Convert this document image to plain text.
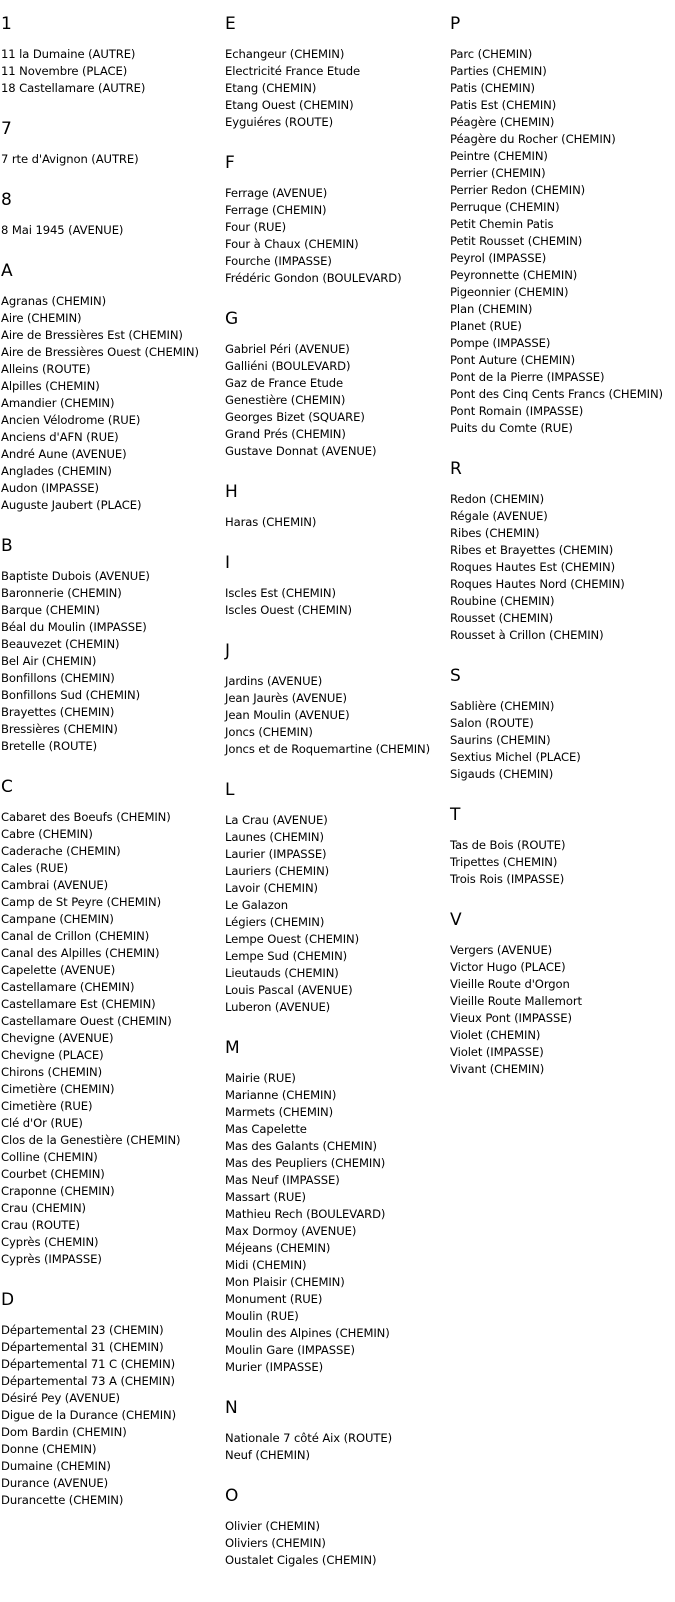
1
11 la Dumaine (AUTRE)
11 Novembre (PLACE)
18 Castellamare (AUTRE)
7
7 rte d'Avignon (AUTRE)
8
8 Mai 1945 (AVENUE)
A
Agranas (CHEMIN)
Aire (CHEMIN)
Aire de Bressières Est (CHEMIN)
Aire de Bressières Ouest (CHEMIN)
Alleins (ROUTE)
Alpilles (CHEMIN)
Amandier (CHEMIN)
Ancien Vélodrome (RUE)
Anciens d'AFN (RUE)
André Aune (AVENUE)
Anglades (CHEMIN)
Audon (IMPASSE)
Auguste Jaubert (PLACE)
B
Baptiste Dubois (AVENUE)
Baronnerie (CHEMIN)
Barque (CHEMIN)
Béal du Moulin (IMPASSE)
Beauvezet (CHEMIN)
Bel Air (CHEMIN)
Bonfillons (CHEMIN)
Bonfillons Sud (CHEMIN)
Brayettes (CHEMIN)
Bressières (CHEMIN)
Bretelle (ROUTE)
C
Cabaret des Boeufs (CHEMIN)
Cabre (CHEMIN)
Caderache (CHEMIN)
Cales (RUE)
Cambrai (AVENUE)
Camp de St Peyre (CHEMIN)
Campane (CHEMIN)
Canal de Crillon (CHEMIN)
Canal des Alpilles (CHEMIN)
Capelette (AVENUE)
Castellamare (CHEMIN)
Castellamare Est (CHEMIN)
Castellamare Ouest (CHEMIN)
Chevigne (AVENUE)
Chevigne (PLACE)
Chirons (CHEMIN)
Cimetière (CHEMIN)
Cimetière (RUE)
Clé d'Or (RUE)
Clos de la Genestière (CHEMIN)
Colline (CHEMIN)
Courbet (CHEMIN)
Craponne (CHEMIN)
Crau (CHEMIN)
Crau (ROUTE)
Cyprès (CHEMIN)
Cyprès (IMPASSE)
D
Départemental 23 (CHEMIN)
Départemental 31 (CHEMIN)
Départemental 71 C (CHEMIN)
Départemental 73 A (CHEMIN)
Désiré Pey (AVENUE)
Digue de la Durance (CHEMIN)
Dom Bardin (CHEMIN)
Donne (CHEMIN)
Dumaine (CHEMIN)
Durance (AVENUE)
Durancette (CHEMIN)
E
Echangeur (CHEMIN)
Electricité France Etude
Etang (CHEMIN)
Etang Ouest (CHEMIN)
Eyguiéres (ROUTE)
F
Ferrage (AVENUE)
Ferrage (CHEMIN)
Four (RUE)
Four à Chaux (CHEMIN)
Fourche (IMPASSE)
Frédéric Gondon (BOULEVARD)
G
Gabriel Péri (AVENUE)
Galliéni (BOULEVARD)
Gaz de France Etude
Genestière (CHEMIN)
Georges Bizet (SQUARE)
Grand Prés (CHEMIN)
Gustave Donnat (AVENUE)
H
Haras (CHEMIN)
I
Iscles Est (CHEMIN)
Iscles Ouest (CHEMIN)
J
Jardins (AVENUE)
Jean Jaurès (AVENUE)
Jean Moulin (AVENUE)
Joncs (CHEMIN)
Joncs et de Roquemartine (CHEMIN)
L
La Crau (AVENUE)
Launes (CHEMIN)
Laurier (IMPASSE)
Lauriers (CHEMIN)
Lavoir (CHEMIN)
Le Galazon
Légiers (CHEMIN)
Lempe Ouest (CHEMIN)
Lempe Sud (CHEMIN)
Lieutauds (CHEMIN)
Louis Pascal (AVENUE)
Luberon (AVENUE)
M
Mairie (RUE)
Marianne (CHEMIN)
Marmets (CHEMIN)
Mas Capelette
Mas des Galants (CHEMIN)
Mas des Peupliers (CHEMIN)
Mas Neuf (IMPASSE)
Massart (RUE)
Mathieu Rech (BOULEVARD)
Max Dormoy (AVENUE)
Méjeans (CHEMIN)
Midi (CHEMIN)
Mon Plaisir (CHEMIN)
Monument (RUE)
Moulin (RUE)
Moulin des Alpines (CHEMIN)
Moulin Gare (IMPASSE)
Murier (IMPASSE)
N
Nationale 7 côté Aix (ROUTE)
Neuf (CHEMIN)
O
Olivier (CHEMIN)
Oliviers (CHEMIN)
Oustalet Cigales (CHEMIN)
P
Parc (CHEMIN)
Parties (CHEMIN)
Patis (CHEMIN)
Patis Est (CHEMIN)
Péagère (CHEMIN)
Péagère du Rocher (CHEMIN)
Peintre (CHEMIN)
Perrier (CHEMIN)
Perrier Redon (CHEMIN)
Perruque (CHEMIN)
Petit Chemin Patis
Petit Rousset (CHEMIN)
Peyrol (IMPASSE)
Peyronnette (CHEMIN)
Pigeonnier (CHEMIN)
Plan (CHEMIN)
Planet (RUE)
Pompe (IMPASSE)
Pont Auture (CHEMIN)
Pont de la Pierre (IMPASSE)
Pont des Cinq Cents Francs (CHEMIN)
Pont Romain (IMPASSE)
Puits du Comte (RUE)
R
Redon (CHEMIN)
Régale (AVENUE)
Ribes (CHEMIN)
Ribes et Brayettes (CHEMIN)
Roques Hautes Est (CHEMIN)
Roques Hautes Nord (CHEMIN)
Roubine (CHEMIN)
Rousset (CHEMIN)
Rousset à Crillon (CHEMIN)
S
Sablière (CHEMIN)
Salon (ROUTE)
Saurins (CHEMIN)
Sextius Michel (PLACE)
Sigauds (CHEMIN)
T
Tas de Bois (ROUTE)
Tripettes (CHEMIN)
Trois Rois (IMPASSE)
V
Vergers (AVENUE)
Victor Hugo (PLACE)
Vieille Route d'Orgon
Vieille Route Mallemort
Vieux Pont (IMPASSE)
Violet (CHEMIN)
Violet (IMPASSE)
Vivant (CHEMIN)
